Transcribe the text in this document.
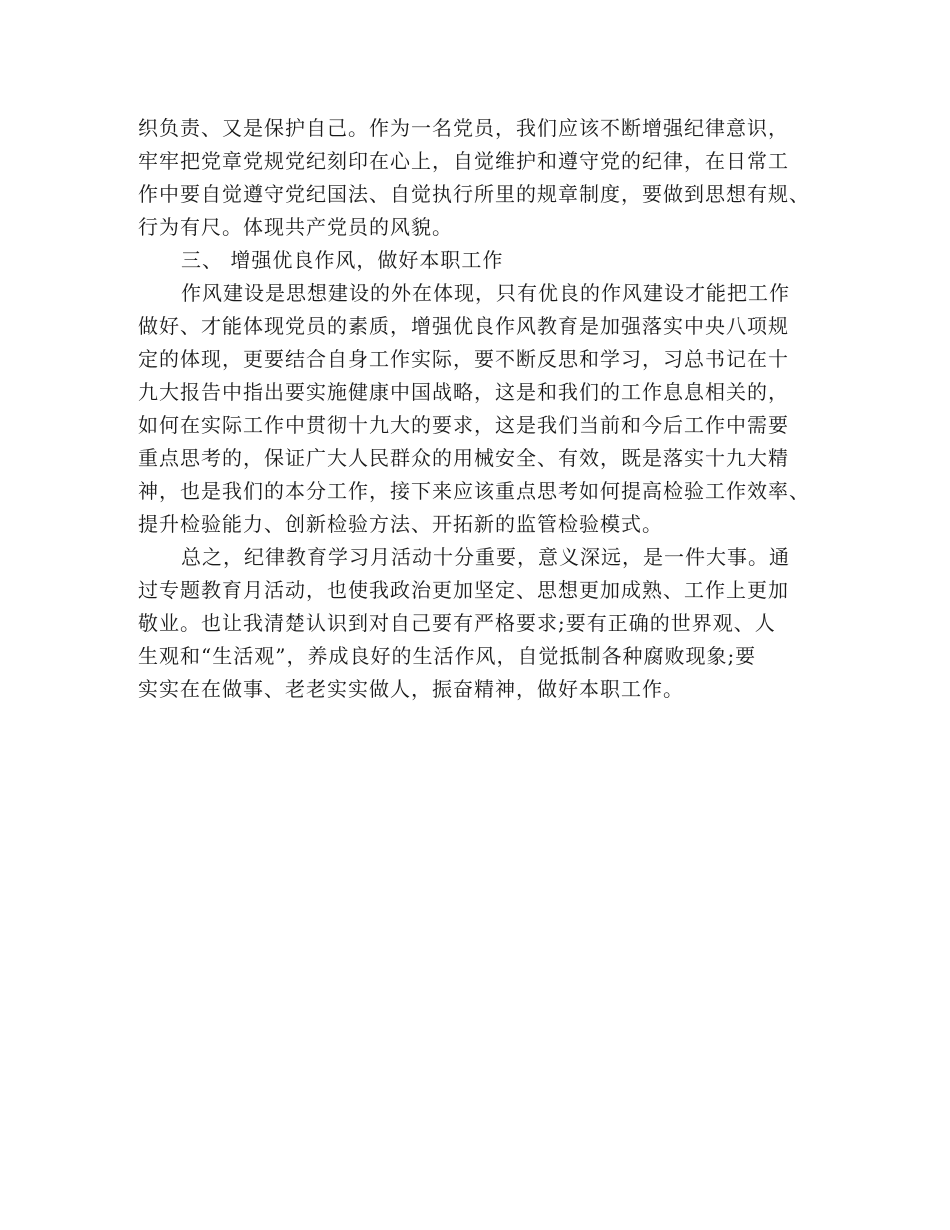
织负责、又是保护自己。作为一名党员，我们应该不断增强纪律意识，
牢牢把党章党规党纪刻印在心上，自觉维护和遵守党的纪律，在日常工
作中要自觉遵守党纪国法、自觉执行所里的规章制度，要做到思想有规、
行为有尺。体现共产党员的风貌。
三、 增强优良作风，做好本职工作
作风建设是思想建设的外在体现，只有优良的作风建设才能把工作
做好、才能体现党员的素质，增强优良作风教育是加强落实中央八项规
定的体现，更要结合自身工作实际，要不断反思和学习，习总书记在十
九大报告中指出要实施健康中国战略，这是和我们的工作息息相关的，
如何在实际工作中贯彻十九大的要求，这是我们当前和今后工作中需要
重点思考的，保证广大人民群众的用械安全、有效，既是落实十九大精
神，也是我们的本分工作，接下来应该重点思考如何提高检验工作效率、
提升检验能力、创新检验方法、开拓新的监管检验模式。
总之，纪律教育学习月活动十分重要，意义深远，是一件大事。通
过专题教育月活动，也使我政治更加坚定、思想更加成熟、工作上更加
敬业。也让我清楚认识到对自己要有严格要求;要有正确的世界观、人
生观和“生活观”，养成良好的生活作风，自觉抵制各种腐败现象;要
实实在在做事、老老实实做人，振奋精神，做好本职工作。
